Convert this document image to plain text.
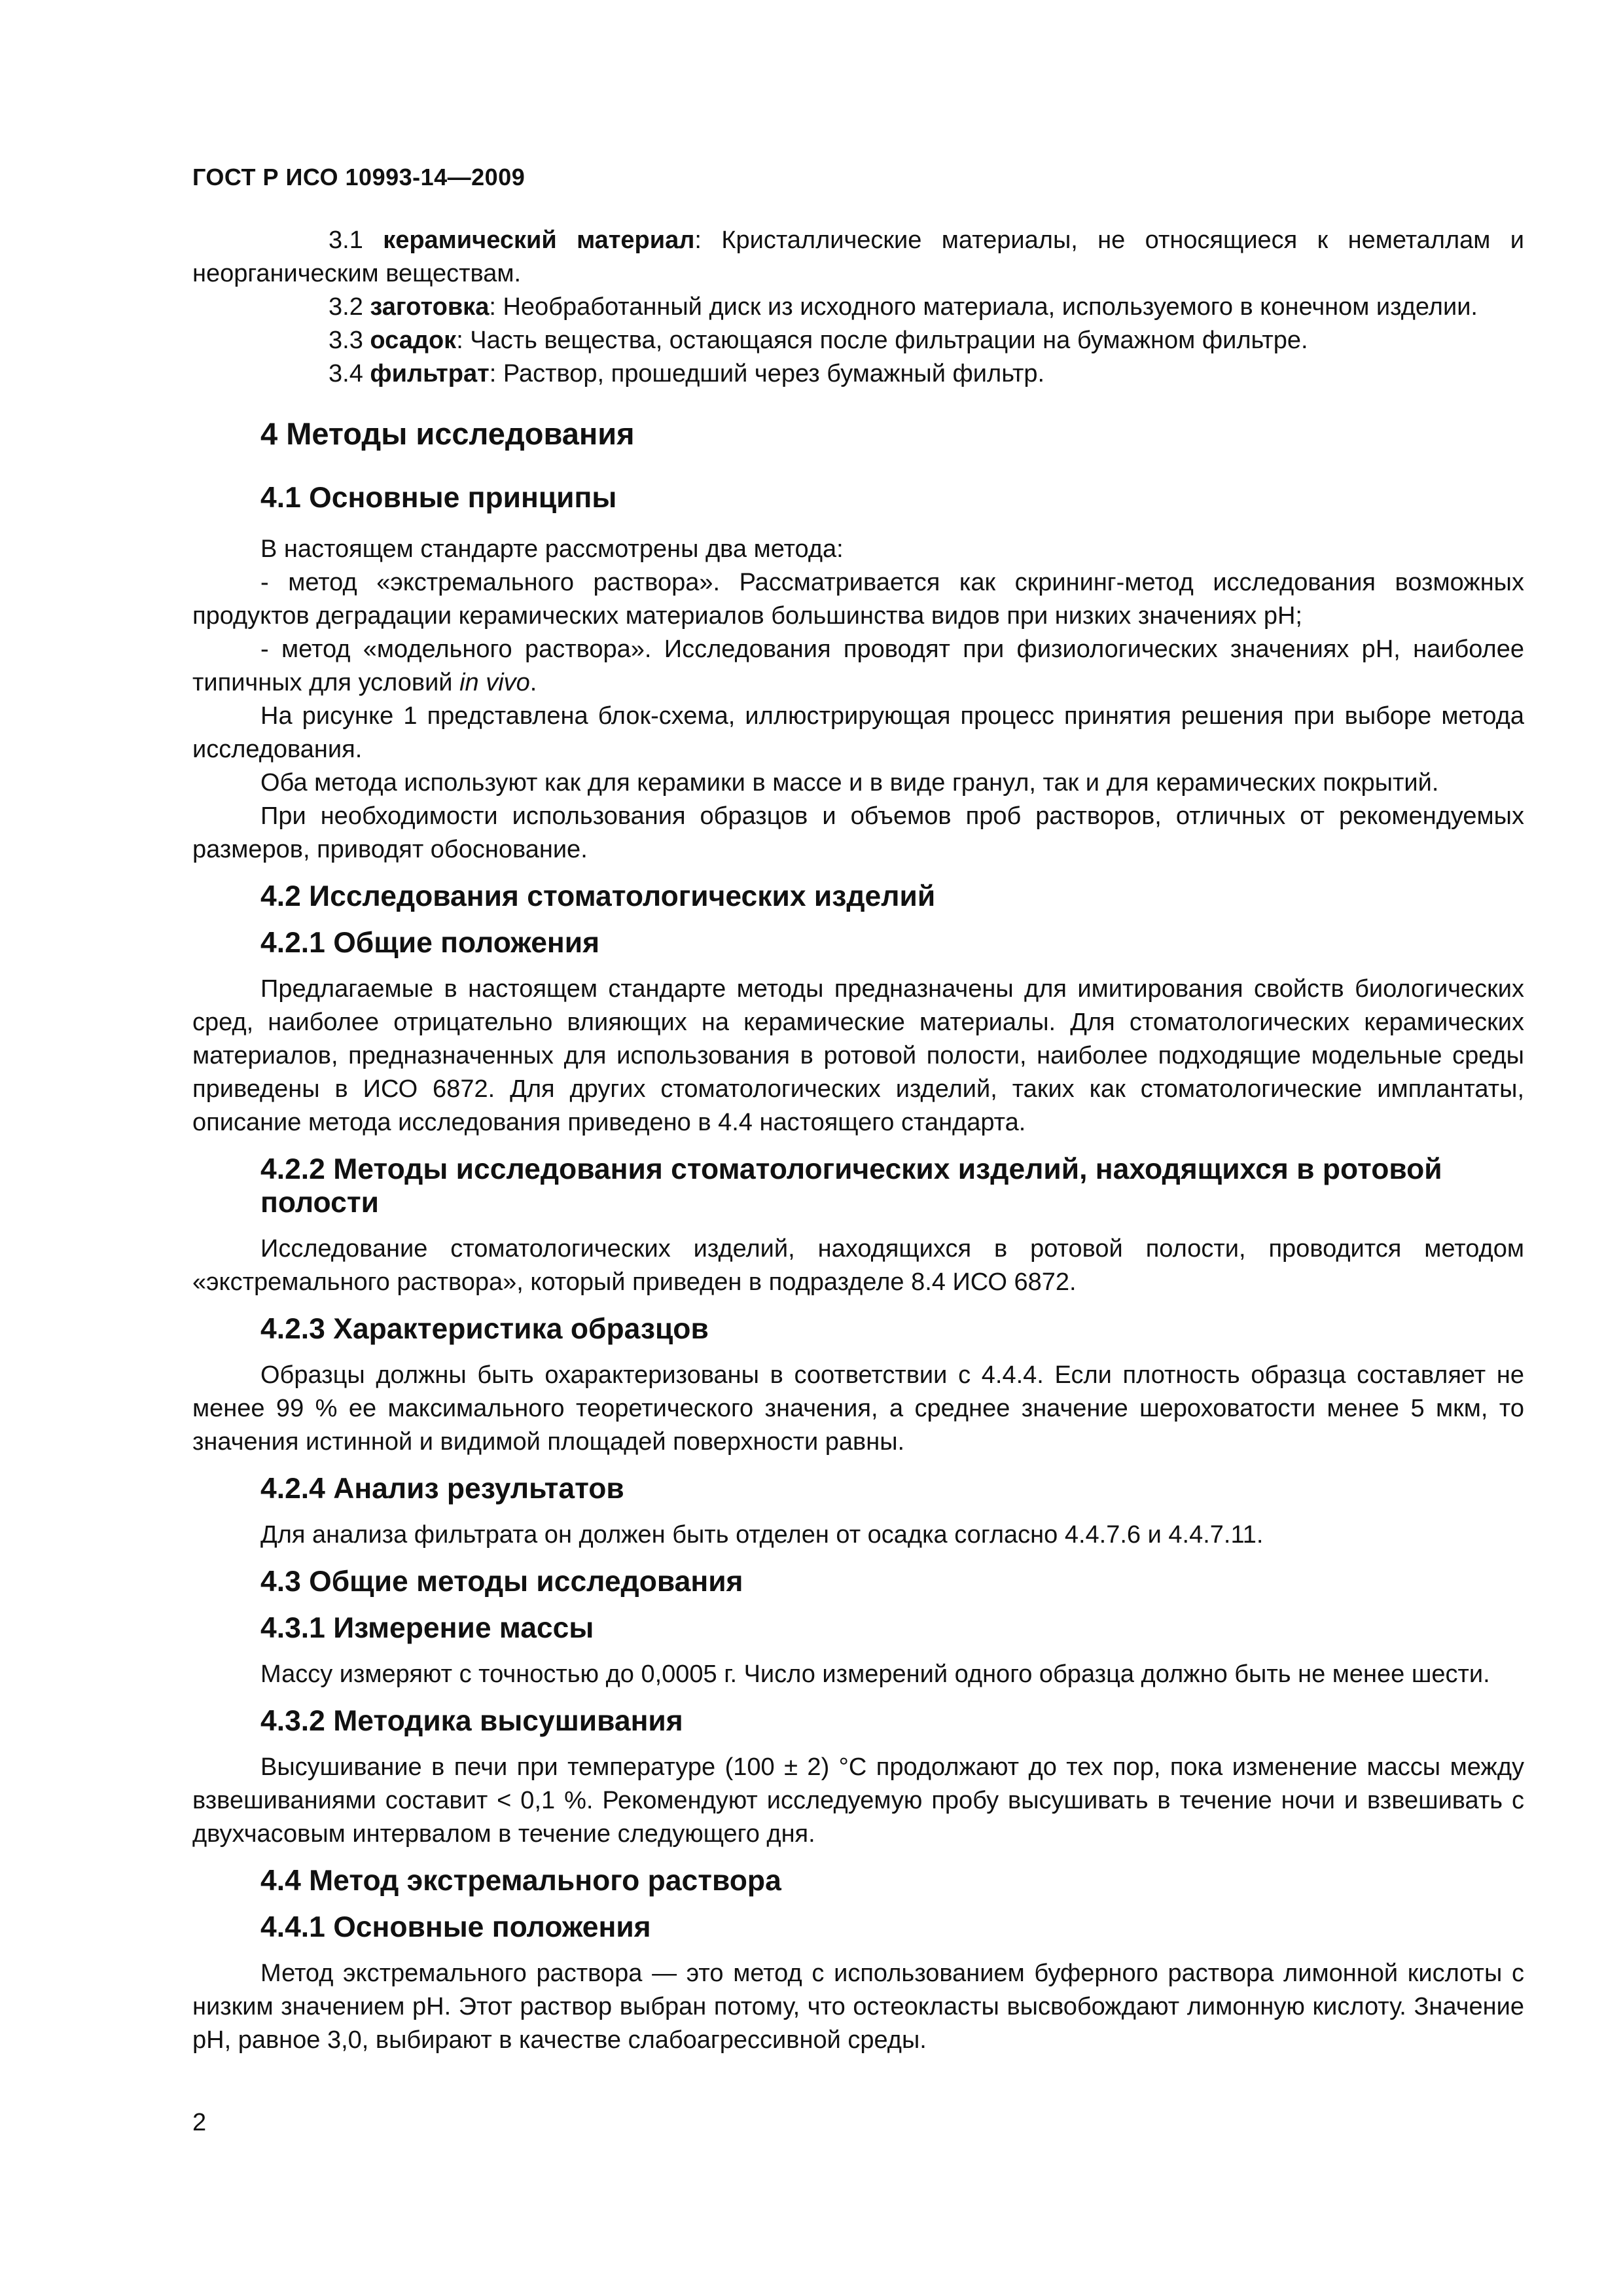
ГОСТ Р ИСО 10993-14—2009

3.1 керамический материал: Кристаллические материалы, не относящиеся к неметаллам и неорганическим веществам.

3.2 заготовка: Необработанный диск из исходного материала, используемого в конечном изделии.

3.3 осадок: Часть вещества, остающаяся после фильтрации на бумажном фильтре.

3.4 фильтрат: Раствор, прошедший через бумажный фильтр.

4 Методы исследования
4.1 Основные принципы

В настоящем стандарте рассмотрены два метода:

- метод «экстремального раствора». Рассматривается как скрининг-метод исследования возможных продуктов деградации керамических материалов большинства видов при низких значениях pH;

- метод «модельного раствора». Исследования проводят при физиологических значениях pH, наиболее типичных для условий in vivo.

На рисунке 1 представлена блок-схема, иллюстрирующая процесс принятия решения при выборе метода исследования.

Оба метода используют как для керамики в массе и в виде гранул, так и для керамических покрытий.

При необходимости использования образцов и объемов проб растворов, отличных от рекомендуемых размеров, приводят обоснование.

4.2 Исследования стоматологических изделий
4.2.1 Общие положения

Предлагаемые в настоящем стандарте методы предназначены для имитирования свойств биологических сред, наиболее отрицательно влияющих на керамические материалы. Для стоматологических керамических материалов, предназначенных для использования в ротовой полости, наиболее подходящие модельные среды приведены в ИСО 6872. Для других стоматологических изделий, таких как стоматологические имплантаты, описание метода исследования приведено в 4.4 настоящего стандарта.

4.2.2 Методы исследования стоматологических изделий, находящихся в ротовой полости

Исследование стоматологических изделий, находящихся в ротовой полости, проводится методом «экстремального раствора», который приведен в подразделе 8.4 ИСО 6872.

4.2.3 Характеристика образцов

Образцы должны быть охарактеризованы в соответствии с 4.4.4. Если плотность образца составляет не менее 99 % ее максимального теоретического значения, а среднее значение шероховатости менее 5 мкм, то значения истинной и видимой площадей поверхности равны.

4.2.4 Анализ результатов

Для анализа фильтрата он должен быть отделен от осадка согласно 4.4.7.6 и 4.4.7.11.

4.3 Общие методы исследования
4.3.1 Измерение массы

Массу измеряют с точностью до 0,0005 г. Число измерений одного образца должно быть не менее шести.

4.3.2 Методика высушивания

Высушивание в печи при температуре (100 ± 2) °C продолжают до тех пор, пока изменение массы между взвешиваниями составит < 0,1 %. Рекомендуют исследуемую пробу высушивать в течение ночи и взвешивать с двухчасовым интервалом в течение следующего дня.

4.4 Метод экстремального раствора
4.4.1 Основные положения

Метод экстремального раствора — это метод с использованием буферного раствора лимонной кислоты с низким значением pH. Этот раствор выбран потому, что остеокласты высвобождают лимонную кислоту. Значение pH, равное 3,0, выбирают в качестве слабоагрессивной среды.

2
